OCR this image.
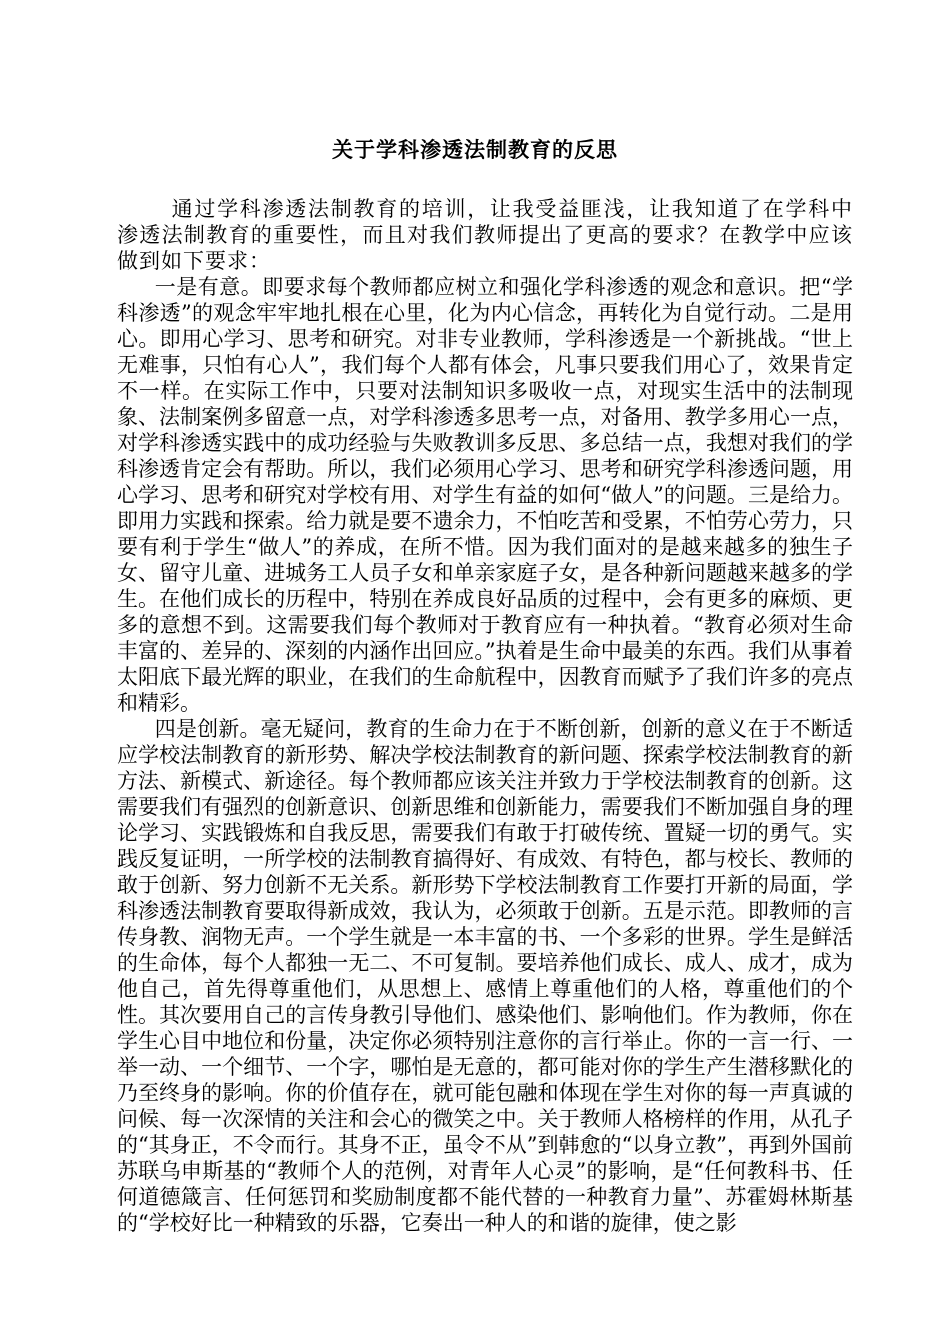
关于学科渗透法制教育的反思

通过学科渗透法制教育的培训，让我受益匪浅，让我知道了在学科中渗透法制教育的重要性，而且对我们教师提出了更高的要求？在教学中应该做到如下要求：

一是有意。即要求每个教师都应树立和强化学科渗透的观念和意识。把“学科渗透”的观念牢牢地扎根在心里，化为内心信念，再转化为自觉行动。二是用心。即用心学习、思考和研究。对非专业教师，学科渗透是一个新挑战。“世上无难事，只怕有心人”，我们每个人都有体会，凡事只要我们用心了，效果肯定不一样。在实际工作中，只要对法制知识多吸收一点，对现实生活中的法制现象、法制案例多留意一点，对学科渗透多思考一点，对备用、教学多用心一点，对学科渗透实践中的成功经验与失败教训多反思、多总结一点，我想对我们的学科渗透肯定会有帮助。所以，我们必须用心学习、思考和研究学科渗透问题，用心学习、思考和研究对学校有用、对学生有益的如何“做人”的问题。三是给力。即用力实践和探索。给力就是要不遗余力，不怕吃苦和受累，不怕劳心劳力，只要有利于学生“做人”的养成，在所不惜。因为我们面对的是越来越多的独生子女、留守儿童、进城务工人员子女和单亲家庭子女，是各种新问题越来越多的学生。在他们成长的历程中，特别在养成良好品质的过程中，会有更多的麻烦、更多的意想不到。这需要我们每个教师对于教育应有一种执着。“教育必须对生命丰富的、差异的、深刻的内涵作出回应。”执着是生命中最美的东西。我们从事着太阳底下最光辉的职业，在我们的生命航程中，因教育而赋予了我们许多的亮点和精彩。

四是创新。毫无疑问，教育的生命力在于不断创新，创新的意义在于不断适应学校法制教育的新形势、解决学校法制教育的新问题、探索学校法制教育的新方法、新模式、新途径。每个教师都应该关注并致力于学校法制教育的创新。这需要我们有强烈的创新意识、创新思维和创新能力，需要我们不断加强自身的理论学习、实践锻炼和自我反思，需要我们有敢于打破传统、置疑一切的勇气。实践反复证明，一所学校的法制教育搞得好、有成效、有特色，都与校长、教师的敢于创新、努力创新不无关系。新形势下学校法制教育工作要打开新的局面，学科渗透法制教育要取得新成效，我认为，必须敢于创新。五是示范。即教师的言传身教、润物无声。一个学生就是一本丰富的书、一个多彩的世界。学生是鲜活的生命体，每个人都独一无二、不可复制。要培养他们成长、成人、成才，成为他自己，首先得尊重他们，从思想上、感情上尊重他们的人格，尊重他们的个性。其次要用自己的言传身教引导他们、感染他们、影响他们。作为教师，你在学生心目中地位和份量，决定你必须特别注意你的言行举止。你的一言一行、一举一动、一个细节、一个字，哪怕是无意的，都可能对你的学生产生潜移默化的乃至终身的影响。你的价值存在，就可能包融和体现在学生对你的每一声真诚的问候、每一次深情的关注和会心的微笑之中。关于教师人格榜样的作用，从孔子的“其身正，不令而行。其身不正，虽令不从”到韩愈的“以身立教”，再到外国前苏联乌申斯基的“教师个人的范例，对青年人心灵”的影响，是“任何教科书、任何道德箴言、任何惩罚和奖励制度都不能代替的一种教育力量”、苏霍姆林斯基的“学校好比一种精致的乐器，它奏出一种人的和谐的旋律，使之影
